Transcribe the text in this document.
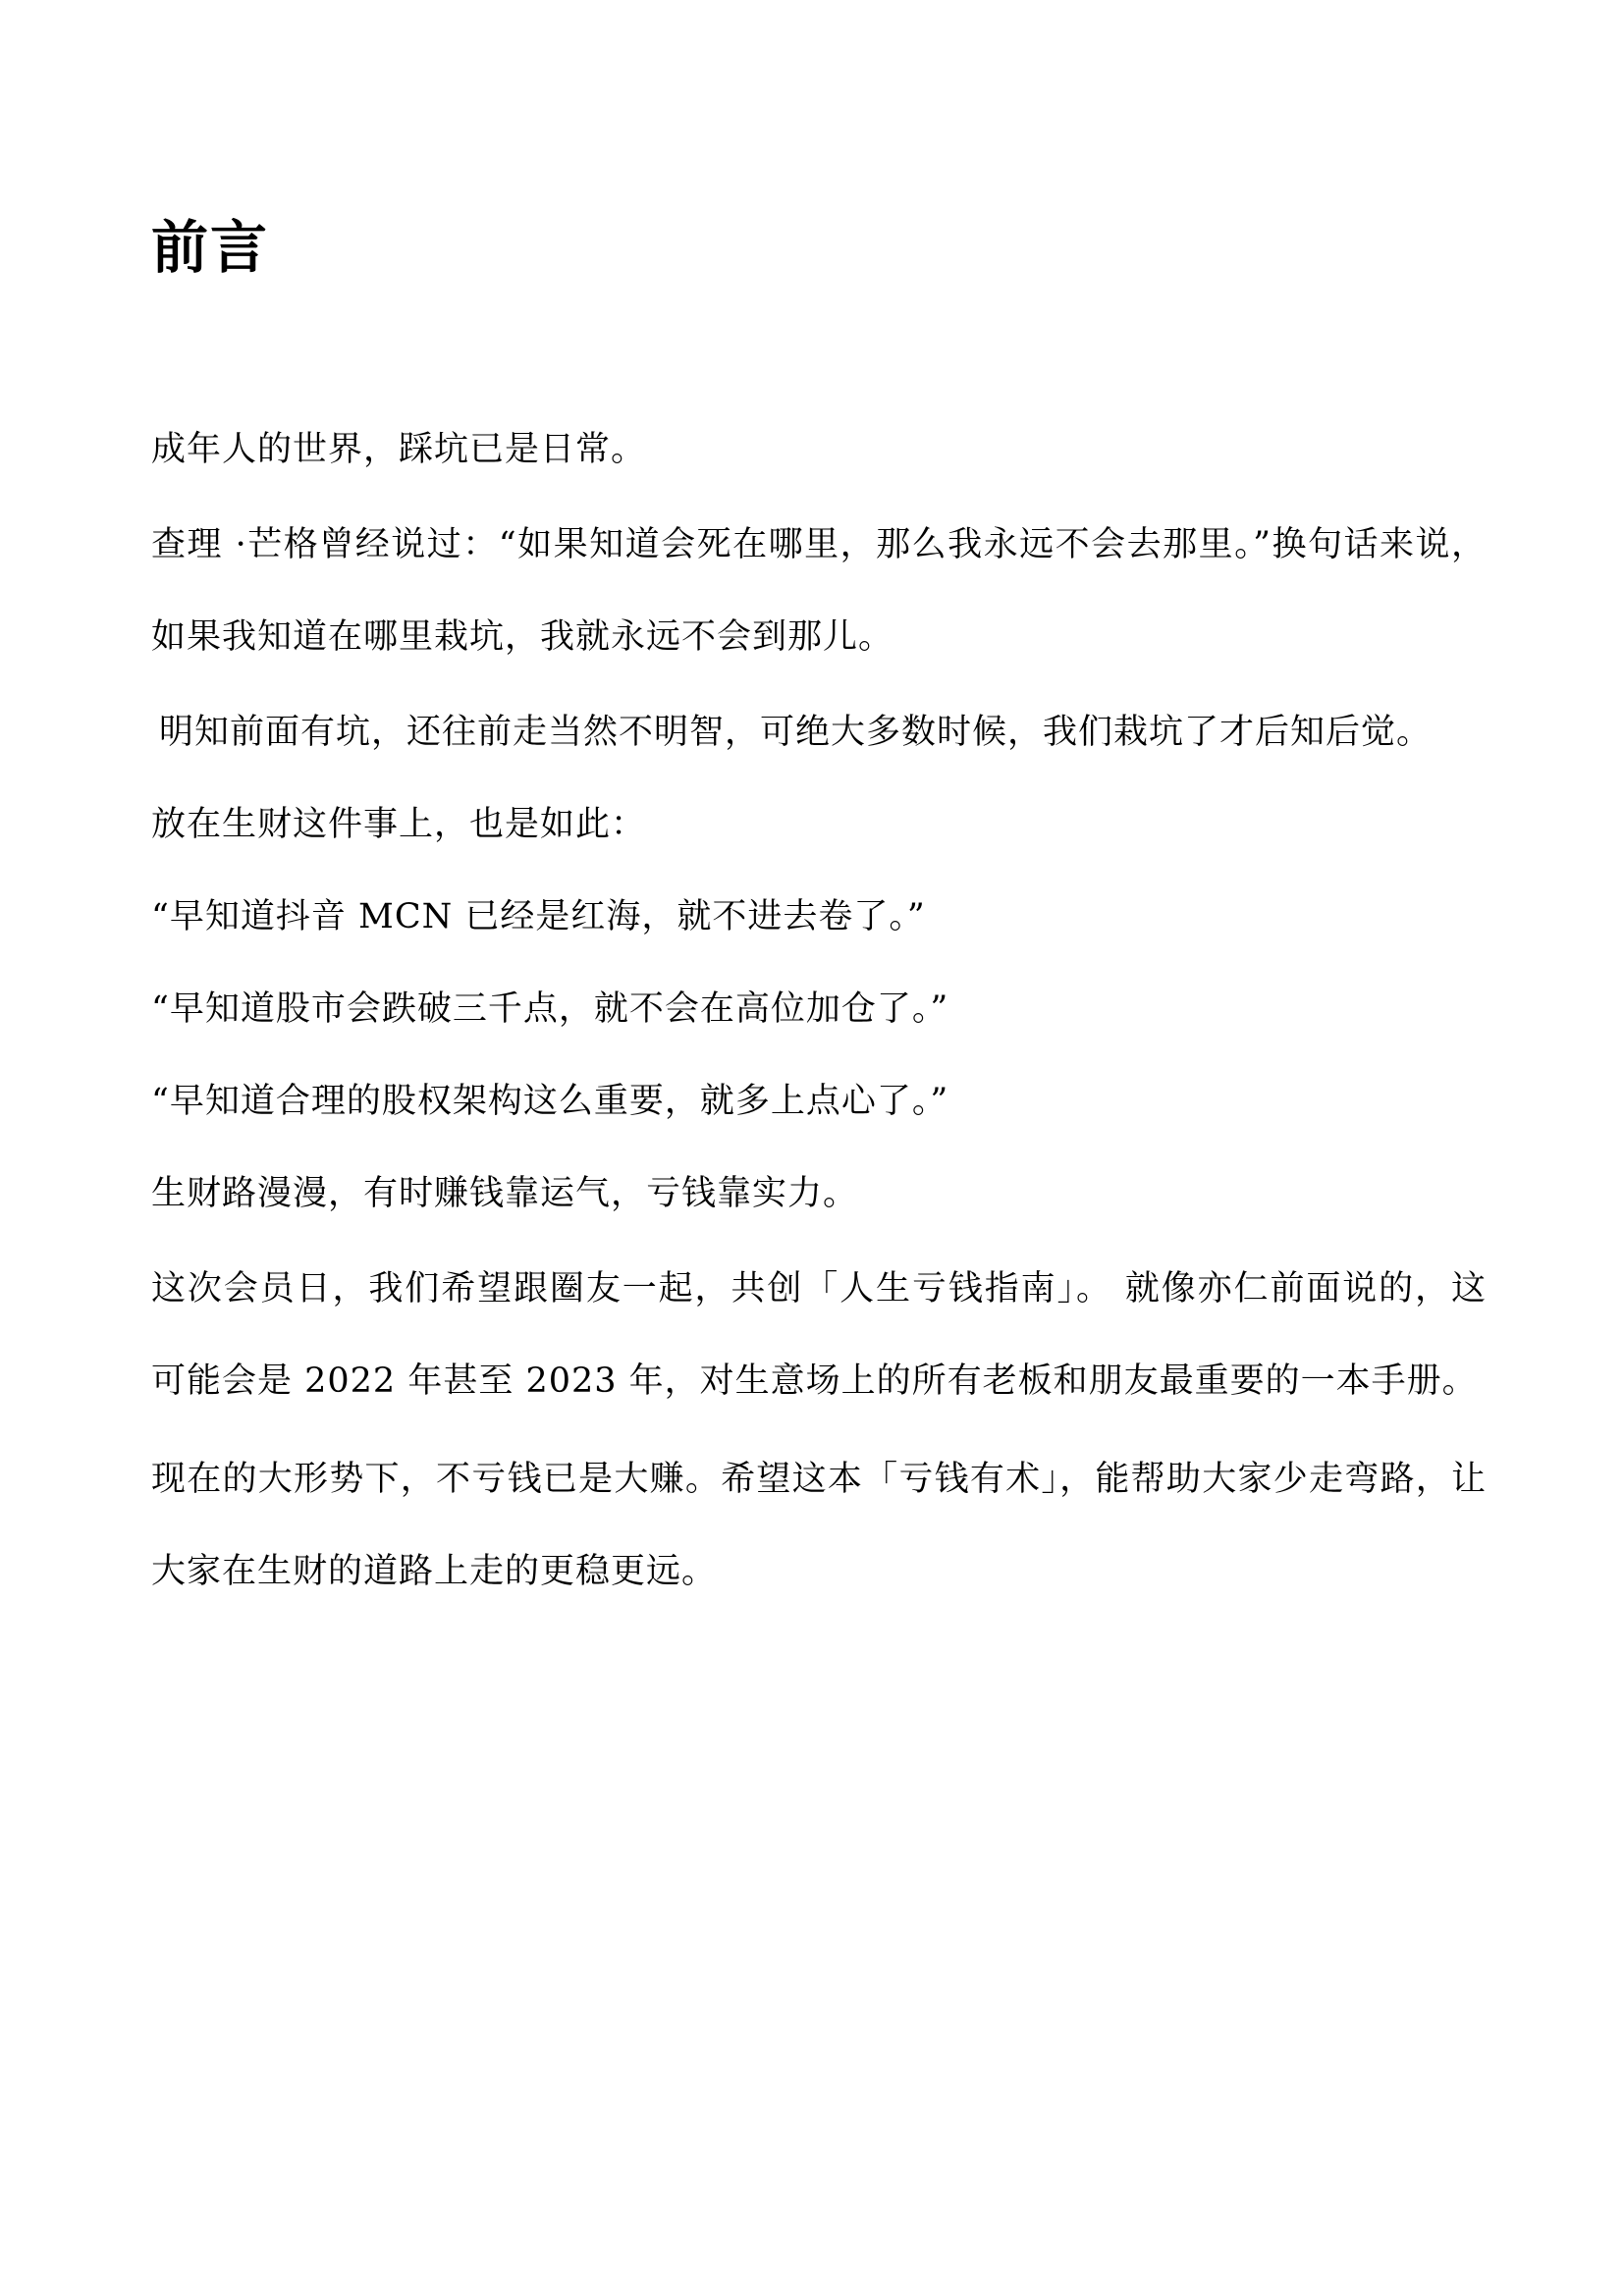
前言

成年人的世界，踩坑已是日常。

查理 ·芒格曾经说过：“如果知道会死在哪里，那么我永远不会去那里。”换句话来说，如果我知道在哪里栽坑，我就永远不会到那儿。

明知前面有坑，还往前走当然不明智，可绝大多数时候，我们栽坑了才后知后觉。

放在生财这件事上，也是如此：

“早知道抖音 MCN 已经是红海，就不进去卷了。”

“早知道股市会跌破三千点，就不会在高位加仓了。”

“早知道合理的股权架构这么重要，就多上点心了。”

生财路漫漫，有时赚钱靠运气，亏钱靠实力。

这次会员日，我们希望跟圈友一起，共创「人生亏钱指南」。 就像亦仁前面说的，这可能会是 2022 年甚至 2023 年，对生意场上的所有老板和朋友最重要的一本手册。

现在的大形势下，不亏钱已是大赚。希望这本「亏钱有术」，能帮助大家少走弯路，让大家在生财的道路上走的更稳更远。
